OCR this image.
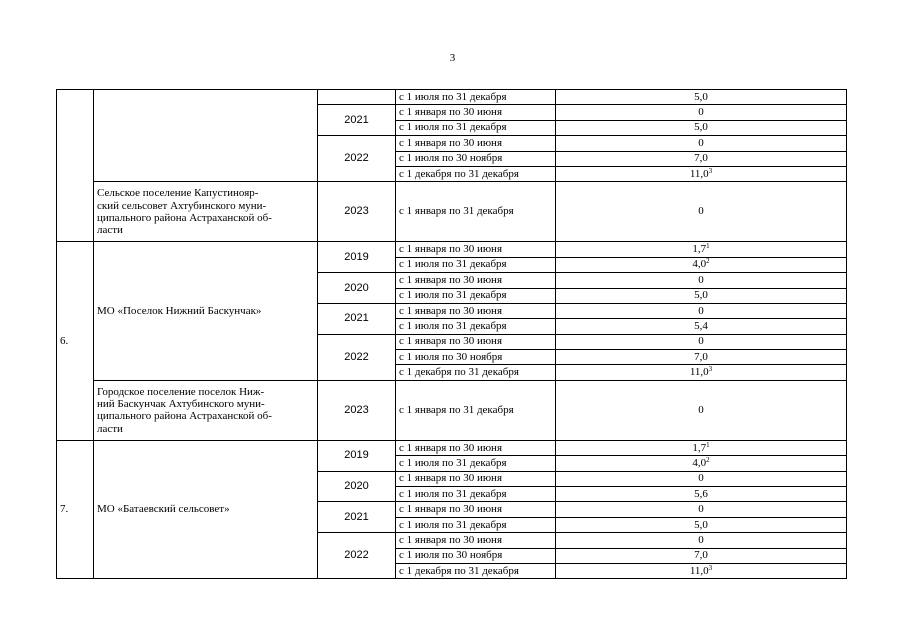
3
			с 1 июля по 31 декабря	5,0
		2021	с 1 января по 30 июня	0
			с 1 июля по 31 декабря	5,0
		2022	с 1 января по 30 июня	0
			с 1 июля по 30 ноября	7,0
			с 1 декабря по 31 декабря	11,0$^3$

	Сельское поселение Капустинояр-
ский сельсовет Ахтубинского муни-
ципального района Астраханской об-
ласти	2023	с 1 января по 31 декабря	0
6.	МО «Поселок Нижний Баскунчак»	2019	с 1 января по 30 июня	$1,7^1$
			с 1 июля по 31 декабря	$4,0^2$
		2020	с 1 января по 30 июня	0
			с 1 июля по 31 декабря	5,0
		2021	с 1 января по 30 июня	0
			с 1 июля по 31 декабря	5,4
		2022	с 1 января по 30 июня	0
			с 1 июля по 30 ноября	7,0
			с 1 декабря по 31 декабря	11,0$^3$

	Городское поселение поселок Ниж-
ний Баскунчак Ахтубинского муни-
ципального района Астраханской об-
ласти	2023	с 1 января по 31 декабря	0
7.	МО «Батаевский сельсовет»	2019	с 1 января по 30 июня	$1,7^1$
			с 1 июля по 31 декабря	$4,0^2$
		2020	с 1 января по 30 июня	0
			с 1 июля по 31 декабря	5,6
		2021	с 1 января по 30 июня	0
			с 1 июля по 31 декабря	5,0
		2022	с 1 января по 30 июня	0
			с 1 июля по 30 ноября	7,0
			с 1 декабря по 31 декабря	11,0$^3$
